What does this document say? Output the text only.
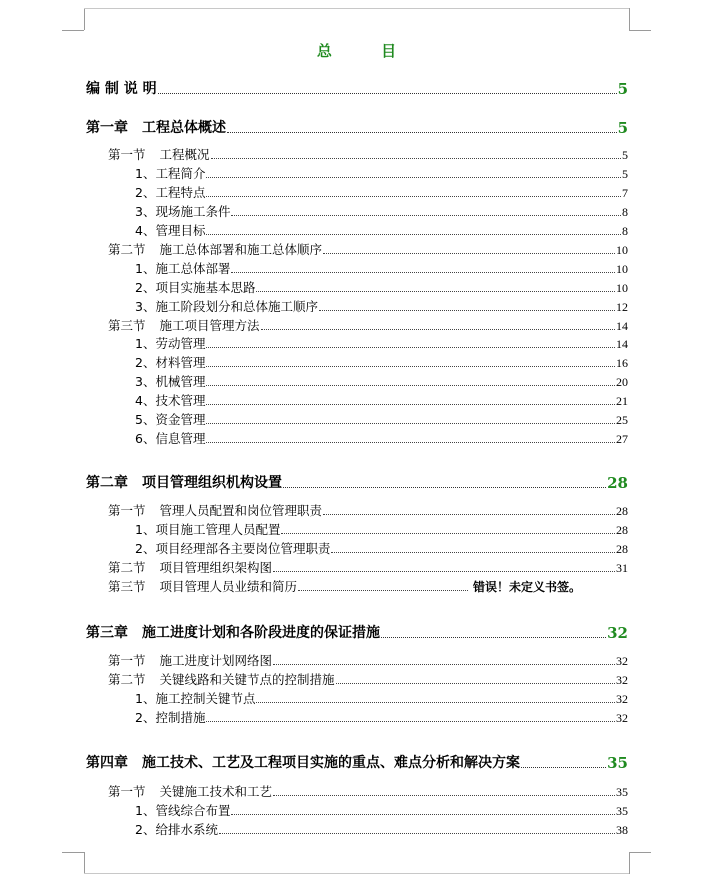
总 目
编 制 说 明	5
第一章　工程总体概述	5
第一节 工程概况	5
1、工程简介	5
2、工程特点	7
3、现场施工条件	8
4、管理目标	8
第二节 施工总体部署和施工总体顺序	10
1、施工总体部署	10
2、项目实施基本思路	10
3、施工阶段划分和总体施工顺序	12
第三节 施工项目管理方法	14
1、劳动管理	14
2、材料管理	16
3、机械管理	20
4、技术管理	21
5、资金管理	25
6、信息管理	27
第二章　项目管理组织机构设置	28
第一节 管理人员配置和岗位管理职责	28
1、项目施工管理人员配置	28
2、项目经理部各主要岗位管理职责	28
第二节 项目管理组织架构图	31
第三节 项目管理人员业绩和简历	错误！未定义书签。
第三章　施工进度计划和各阶段进度的保证措施	32
第一节 施工进度计划网络图	32
第二节 关键线路和关键节点的控制措施	32
1、施工控制关键节点	32
2、控制措施	32
第四章　施工技术、工艺及工程项目实施的重点、难点分析和解决方案	35
第一节 关键施工技术和工艺	35
1、管线综合布置	35
2、给排水系统	38
